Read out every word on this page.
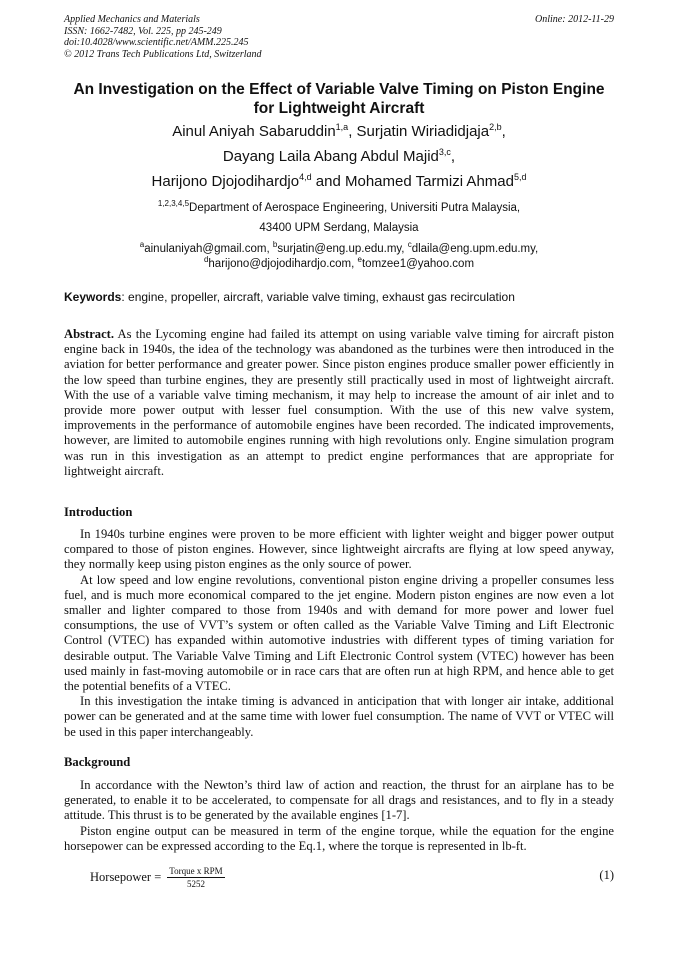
Applied Mechanics and Materials
ISSN: 1662-7482, Vol. 225, pp 245-249
doi:10.4028/www.scientific.net/AMM.225.245
© 2012 Trans Tech Publications Ltd, Switzerland
Online: 2012-11-29
An Investigation on the Effect of Variable Valve Timing on Piston Engine
for Lightweight Aircraft
Ainul Aniyah Sabaruddin$^{1,a}$, Surjatin Wiriadidjaja$^{2,b}$,
Dayang Laila Abang Abdul Majid$^{3,c}$,
Harijono Djojodihardjo$^{4,d}$ and Mohamed Tarmizi Ahmad$^{5,d}$
$^{1,2,3,4,5}$Department of Aerospace Engineering, Universiti Putra Malaysia,
43400 UPM Serdang, Malaysia
$^a$ainulaniyah@gmail.com, $^b$surjatin@eng.up.edu.my, $^c$dlaila@eng.upm.edu.my,
$^d$harijono@djojodihardjo.com, $^e$tomzee1@yahoo.com
Keywords: engine, propeller, aircraft, variable valve timing, exhaust gas recirculation

Abstract. As the Lycoming engine had failed its attempt on using variable valve timing for aircraft piston engine back in 1940s, the idea of the technology was abandoned as the turbines were then introduced in the aviation for better performance and greater power. Since piston engines produce smaller power efficiently in the low speed than turbine engines, they are presently still practically used in most of lightweight aircraft. With the use of a variable valve timing mechanism, it may help to increase the amount of air inlet and to provide more power output with lesser fuel consumption. With the use of this new valve system, improvements in the performance of automobile engines have been recorded. The indicated improvements, however, are limited to automobile engines running with high revolutions only. Engine simulation program was run in this investigation as an attempt to predict engine performances that are appropriate for lightweight aircraft.

Introduction

In 1940s turbine engines were proven to be more efficient with lighter weight and bigger power output compared to those of piston engines. However, since lightweight aircrafts are flying at low speed anyway, they normally keep using piston engines as the only source of power.

At low speed and low engine revolutions, conventional piston engine driving a propeller consumes less fuel, and is much more economical compared to the jet engine. Modern piston engines are now even a lot smaller and lighter compared to those from 1940s and with demand for more power and lower fuel consumptions, the use of VVT’s system or often called as the Variable Valve Timing and Lift Electronic Control (VTEC) has expanded within automotive industries with different types of timing variation for desirable output. The Variable Valve Timing and Lift Electronic Control system (VTEC) however has been used mainly in fast-moving automobile or in race cars that are often run at high RPM, and hence able to get the potential benefits of a VTEC.

In this investigation the intake timing is advanced in anticipation that with longer air intake, additional power can be generated and at the same time with lower fuel consumption. The name of VVT or VTEC will be used in this paper interchangeably.

Background

In accordance with the Newton’s third law of action and reaction, the thrust for an airplane has to be generated, to enable it to be accelerated, to compensate for all drags and resistances, and to fly in a steady attitude. This thrust is to be generated by the available engines [1-7].

Piston engine output can be measured in term of the engine torque, while the equation for the engine horsepower can be expressed according to the Eq.1, where the torque is represented in lb-ft.

Horsepower = $\frac{\text{Torque x RPM}}{5252}$	(1)
